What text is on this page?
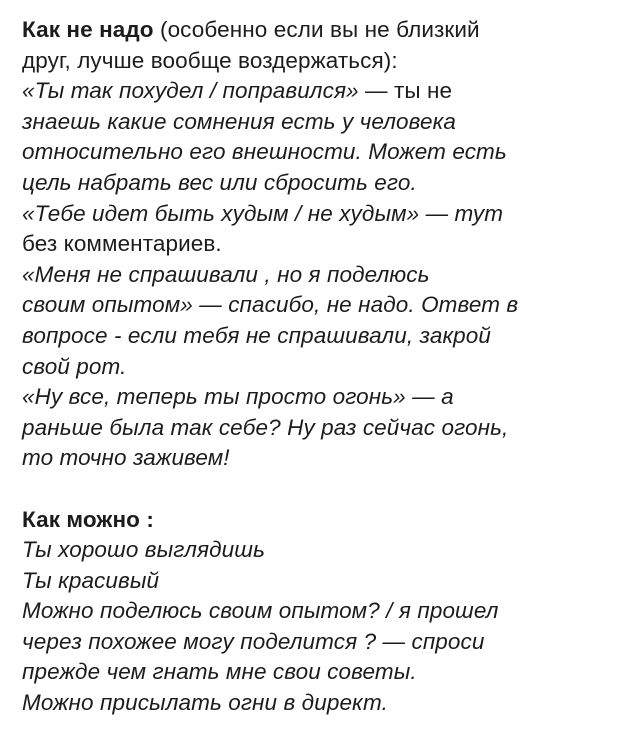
Как не надо (особенно если вы не близкий
друг, лучше вообще воздержаться):
«Ты так похудел / поправился» — ты не
знаешь какие сомнения есть у человека
относительно его внешности. Может есть
цель набрать вес или сбросить его.
«Тебе идет быть худым / не худым» — тут
без комментариев.
«Меня не спрашивали , но я поделюсь
своим опытом» — спасибо, не надо. Ответ в
вопросе - если тебя не спрашивали, закрой
свой рот.
«Ну все, теперь ты просто огонь» — а
раньше была так себе? Ну раз сейчас огонь,
то точно заживем!
Как можно :
Ты хорошо выглядишь
Ты красивый
Можно поделюсь своим опытом? / я прошел
через похожее могу поделится ? — спроси
прежде чем гнать мне свои советы.
Можно присылать огни в директ.
